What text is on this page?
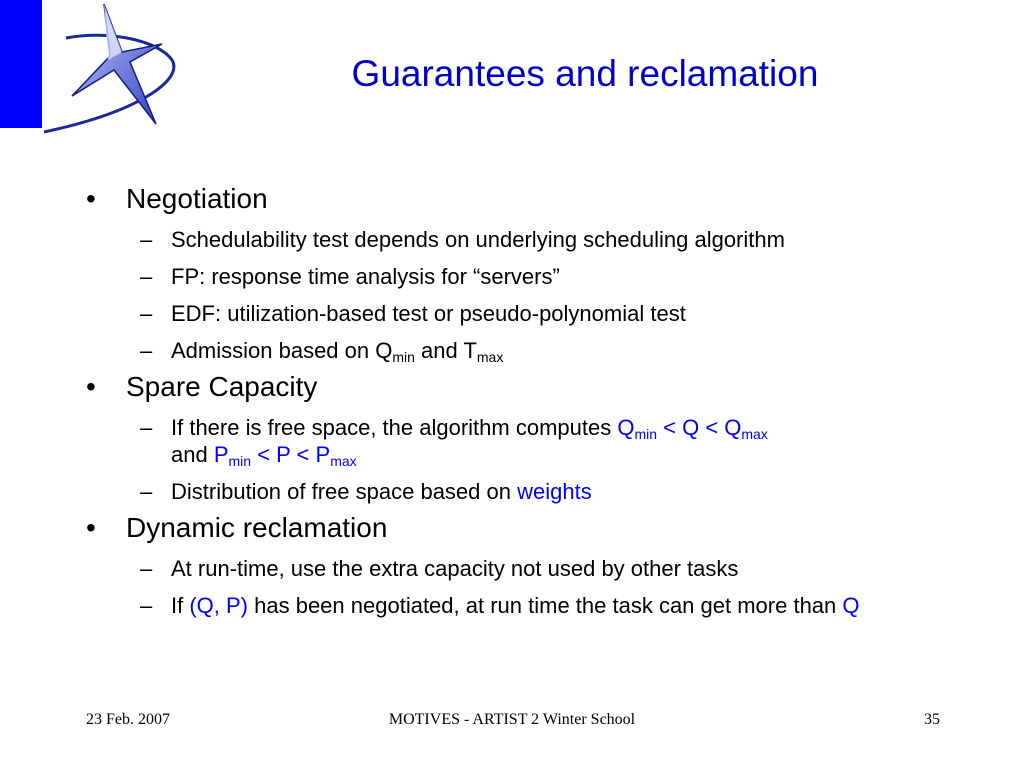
Guarantees and reclamation
• Negotiation
– Schedulability test depends on underlying scheduling algorithm
– FP: response time analysis for “servers”
– EDF: utilization-based test or pseudo-polynomial test
– Admission based on $Q_{min}$ and $T_{max}$
• Spare Capacity
– If there is free space, the algorithm computes $Q_{min} < Q < Q_{max}$
and $P_{min} < P < P_{max}$
– Distribution of free space based on weights
• Dynamic reclamation
– At run-time, use the extra capacity not used by other tasks
– If (Q, P) has been negotiated, at run time the task can get more than Q
23 Feb. 2007	MOTIVES - ARTIST 2 Winter School	35
